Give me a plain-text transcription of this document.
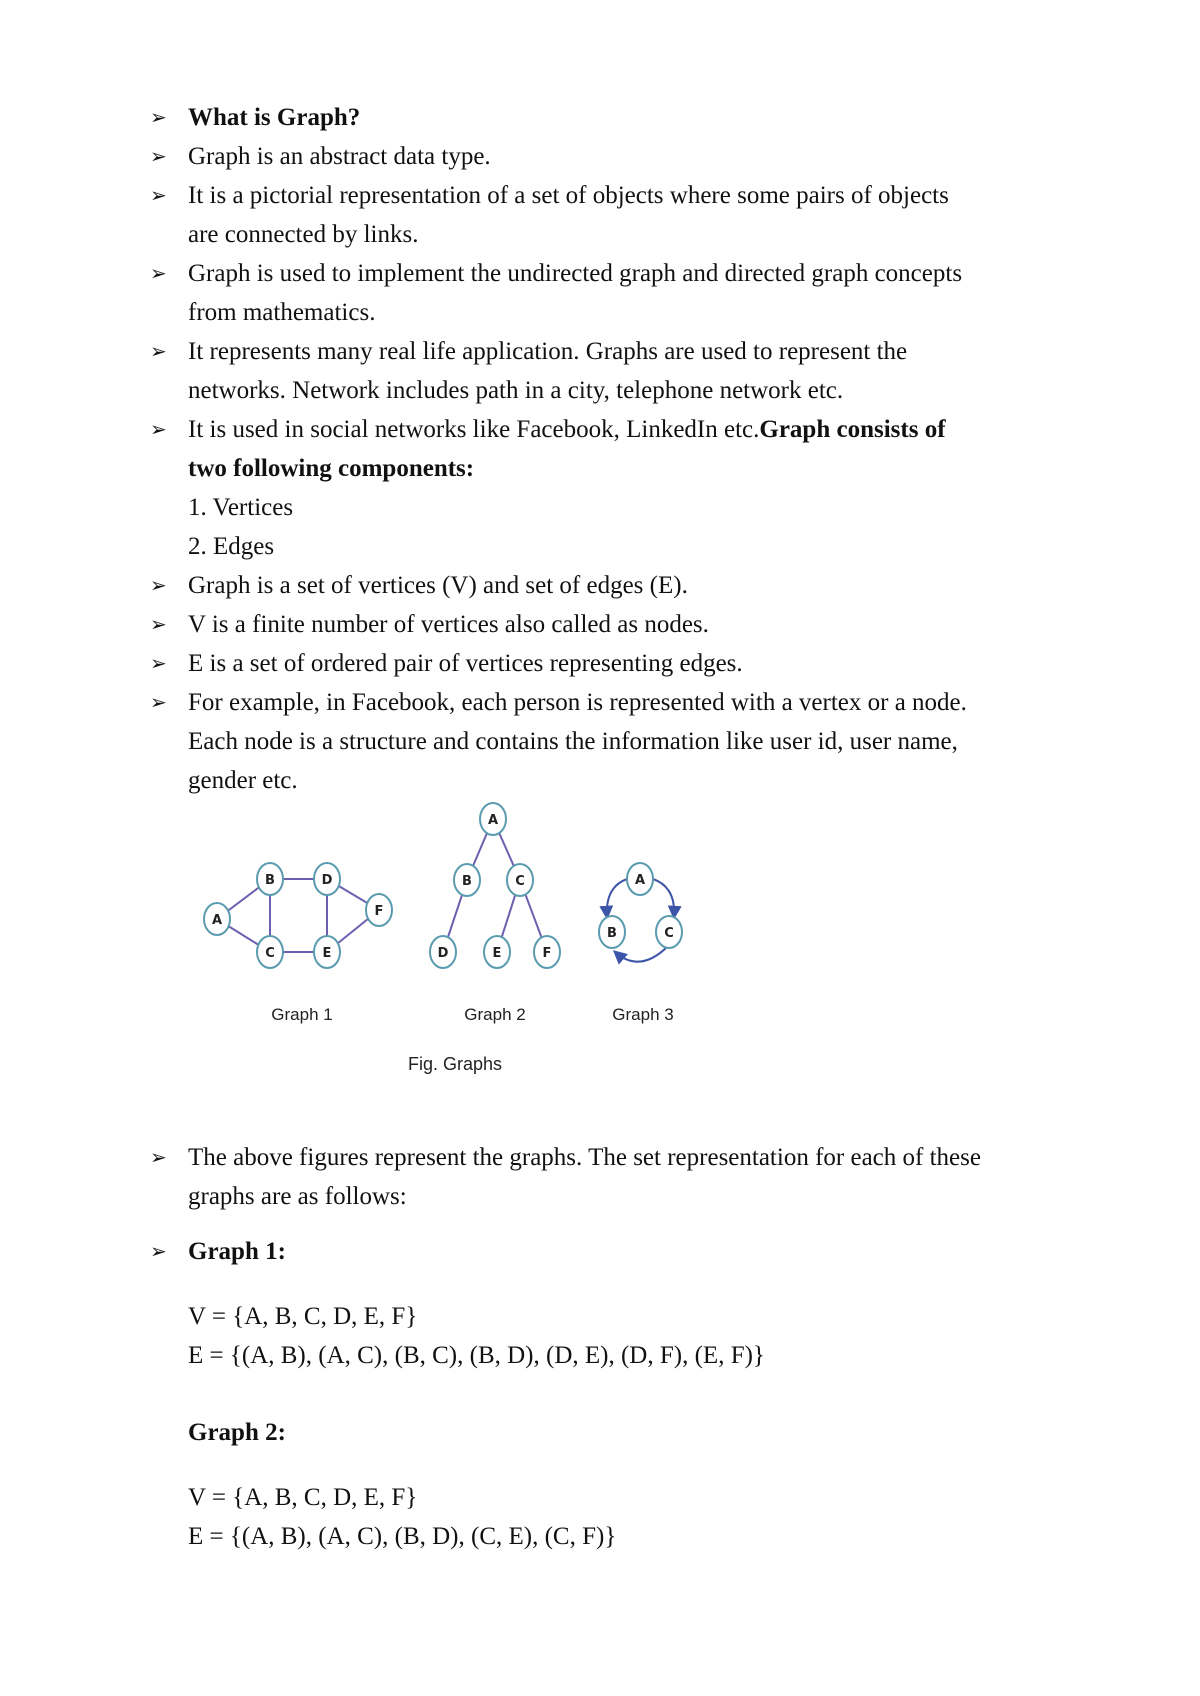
➢ What is Graph?
➢ Graph is an abstract data type.
➢ It is a pictorial representation of a set of objects where some pairs of objects
are connected by links.
➢ Graph is used to implement the undirected graph and directed graph concepts
from mathematics.
➢ It represents many real life application. Graphs are used to represent the
networks. Network includes path in a city, telephone network etc.
➢ It is used in social networks like Facebook, LinkedIn etc.Graph consists of
two following components:
1. Vertices
2. Edges
➢ Graph is a set of vertices (V) and set of edges (E).
➢ V is a finite number of vertices also called as nodes.
➢ E is a set of ordered pair of vertices representing edges.
➢ For example, in Facebook, each person is represented with a vertex or a node.
Each node is a structure and contains the information like user id, user name,
gender etc.
A
B
C
D
E
F
A
B	C
D	E	F
A
B	C
Graph 1	Graph 2	Graph 3
Fig. Graphs
➢ The above figures represent the graphs. The set representation for each of these
graphs are as follows:
➢ Graph 1:
V = {A, B, C, D, E, F}
E = {(A, B), (A, C), (B, C), (B, D), (D, E), (D, F), (E, F)}
Graph 2:
V = {A, B, C, D, E, F}
E = {(A, B), (A, C), (B, D), (C, E), (C, F)}
